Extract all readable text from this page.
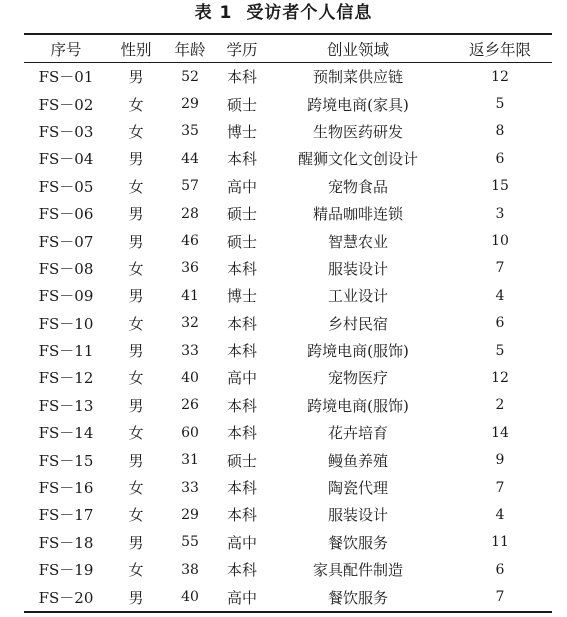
表 1 受访者个人信息
序号	性别	年龄	学历	创业领域	返乡年限
FS－01	男	52	本科	预制菜供应链	12
FS－02	女	29	硕士	跨境电商(家具)	5
FS－03	女	35	博士	生物医药研发	8
FS－04	男	44	本科	醒狮文化文创设计	6
FS－05	女	57	高中	宠物食品	15
FS－06	男	28	硕士	精品咖啡连锁	3
FS－07	男	46	硕士	智慧农业	10
FS－08	女	36	本科	服装设计	7
FS－09	男	41	博士	工业设计	4
FS－10	女	32	本科	乡村民宿	6
FS－11	男	33	本科	跨境电商(服饰)	5
FS－12	女	40	高中	宠物医疗	12
FS－13	男	26	本科	跨境电商(服饰)	2
FS－14	女	60	本科	花卉培育	14
FS－15	男	31	硕士	鳗鱼养殖	9
FS－16	女	33	本科	陶瓷代理	7
FS－17	女	29	本科	服装设计	4
FS－18	男	55	高中	餐饮服务	11
FS－19	女	38	本科	家具配件制造	6
FS－20	男	40	高中	餐饮服务	7
